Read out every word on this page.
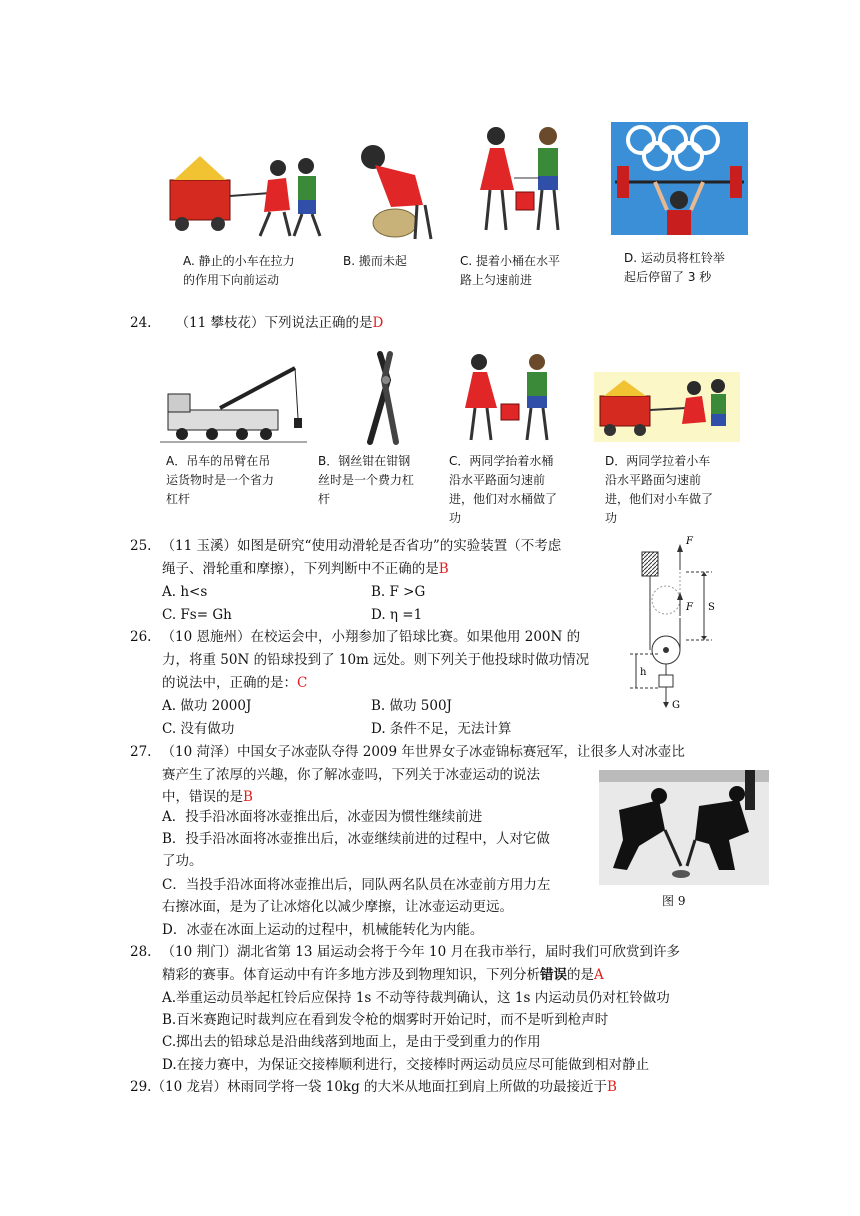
A. 静止的小车在拉力
的作用下向前运动
B. 搬而未起	C. 提着小桶在水平
路上匀速前进
D. 运动员将杠铃举
起后停留了 3 秒
24. （11 攀枝花）下列说法正确的是D
A．吊车的吊臂在吊
运货物时是一个省力
杠杆
B．钢丝钳在钳钢
丝时是一个费力杠
杆
C．两同学抬着水桶
沿水平路面匀速前
进，他们对水桶做了
功
D．两同学拉着小车
沿水平路面匀速前
进，他们对小车做了
功
25. （11 玉溪）如图是研究“使用动滑轮是否省功”的实验装置（不考虑
绳子、滑轮重和摩擦），下列判断中不正确的是B
A. h<s	B. F >G
C. Fs= Gh	D. η =1
F
F S
h
G
26. （10 恩施州）在校运会中，小翔参加了铅球比赛。如果他用 200N 的
力，将重 50N 的铅球投到了 10m 远处。则下列关于他投球时做功情况
的说法中，正确的是：C
A. 做功 2000J	B. 做功 500J
C. 没有做功	D. 条件不足，无法计算
27. （10 菏泽）中国女子冰壶队夺得 2009 年世界女子冰壶锦标赛冠军，让很多人对冰壶比
赛产生了浓厚的兴趣，你了解冰壶吗，下列关于冰壶运动的说法
中，错误的是B
A．投手沿冰面将冰壶推出后，冰壶因为惯性继续前进
B．投手沿冰面将冰壶推出后，冰壶继续前进的过程中，人对它做
了功。
C．当投手沿冰面将冰壶推出后，同队两名队员在冰壶前方用力左
右擦冰面，是为了让冰熔化以减少摩擦，让冰壶运动更远。
D．冰壶在冰面上运动的过程中，机械能转化为内能。
图 9
28. （10 荆门）湖北省第 13 届运动会将于今年 10 月在我市举行，届时我们可欣赏到许多
精彩的赛事。体育运动中有许多地方涉及到物理知识，下列分析错误的是A
A.举重运动员举起杠铃后应保持 1s 不动等待裁判确认，这 1s 内运动员仍对杠铃做功
B.百米赛跑记时裁判应在看到发令枪的烟雾时开始记时，而不是听到枪声时
C.掷出去的铅球总是沿曲线落到地面上，是由于受到重力的作用
D.在接力赛中，为保证交接棒顺利进行，交接棒时两运动员应尽可能做到相对静止
29.（10 龙岩）林雨同学将一袋 10kg 的大米从地面扛到肩上所做的功最接近于B
